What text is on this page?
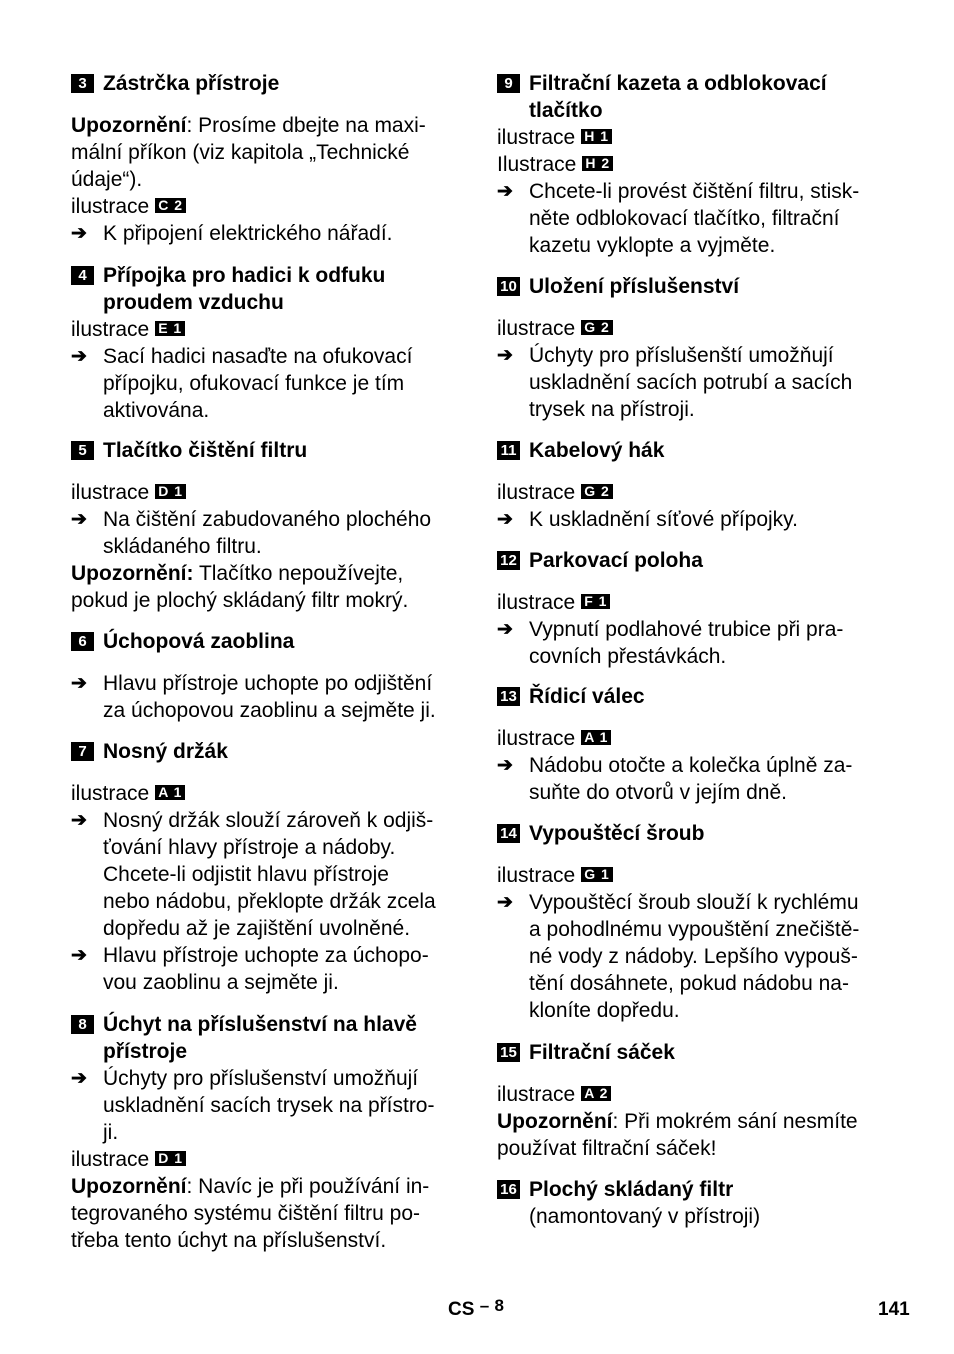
3 Zástrčka přístroje
Upozornění: Prosíme dbejte na maxi-
mální příkon (viz kapitola „Technické
údaje“).
ilustrace C 2
➔ K připojení elektrického nářadí.
4 Přípojka pro hadici k odfuku
proudem vzduchu
ilustrace E 1
➔ Sací hadici nasaďte na ofukovací
přípojku, ofukovací funkce je tím
aktivována.
5 Tlačítko čištění filtru
ilustrace D 1
➔ Na čištění zabudovaného plochého
skládaného filtru.
Upozornění: Tlačítko nepoužívejte,
pokud je plochý skládaný filtr mokrý.
6 Úchopová zaoblina
➔ Hlavu přístroje uchopte po odjištění
za úchopovou zaoblinu a sejměte ji.
7 Nosný držák
ilustrace A 1
➔ Nosný držák slouží zároveň k odjiš-
ťování hlavy přístroje a nádoby.
Chcete-li odjistit hlavu přístroje
nebo nádobu, překlopte držák zcela
dopředu až je zajištění uvolněné.
➔ Hlavu přístroje uchopte za úchopo-
vou zaoblinu a sejměte ji.
8 Úchyt na příslušenství na hlavě
přístroje
➔ Úchyty pro příslušenství umožňují
uskladnění sacích trysek na přístro-
ji.
ilustrace D 1
Upozornění: Navíc je při používání in-
tegrovaného systému čištění filtru po-
třeba tento úchyt na příslušenství.
9 Filtrační kazeta a odblokovací
tlačítko
ilustrace H 1
Ilustrace H 2
➔ Chcete-li provést čištění filtru, stisk-
něte odblokovací tlačítko, filtrační
kazetu vyklopte a vyjměte.
10 Uložení příslušenství
ilustrace G 2
➔ Úchyty pro příslušenští umožňují
uskladnění sacích potrubí a sacích
trysek na přístroji.
11 Kabelový hák
ilustrace G 2
➔ K uskladnění síťové přípojky.
12 Parkovací poloha
ilustrace F 1
➔ Vypnutí podlahové trubice při pra-
covních přestávkách.
13 Řídicí válec
ilustrace A 1
➔ Nádobu otočte a kolečka úplně za-
suňte do otvorů v jejím dně.
14 Vypouštěcí šroub
ilustrace G 1
➔ Vypouštěcí šroub slouží k rychlému
a pohodlnému vypouštění znečiště-
né vody z nádoby. Lepšího vypouš-
tění dosáhnete, pokud nádobu na-
kloníte dopředu.
15 Filtrační sáček
ilustrace A 2
Upozornění: Při mokrém sání nesmíte
používat filtrační sáček!
16 Plochý skládaný filtr
(namontovaný v přístroji)
CS – 8	141
